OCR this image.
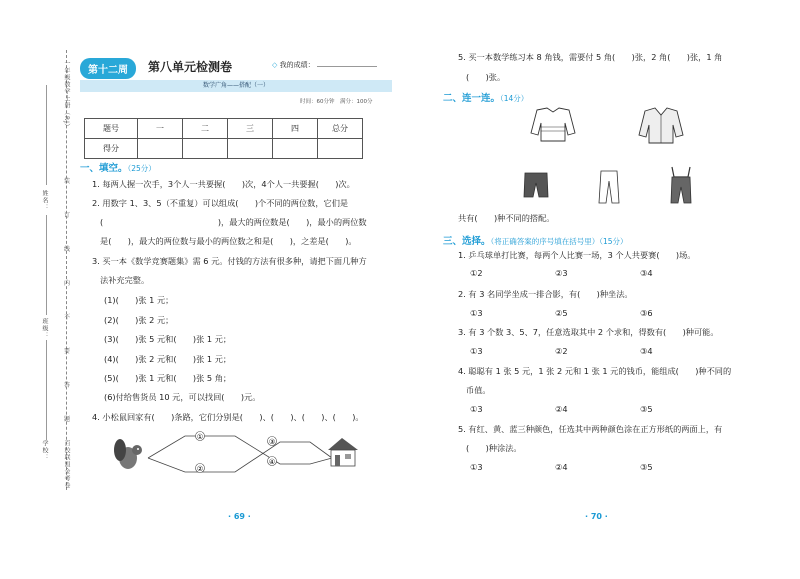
一年级数学上册（RJ）
百校联盟金考卷
姓名：
班级：
学校：
装
订
线
内
不
要
答
题
第十二周	第八单元检测卷	◇ 我的成绩：
数学广角——搭配（一）
时间：60分钟　满分：100分
题号	一	二	三	四	总分
得分					
一、填空。（25分）
1. 每两人握一次手，3个人一共要握(　　)次，4个人一共要握(　　)次。
2. 用数字 1、3、5（不重复）可以组成(　　)个不同的两位数，它们是
(　　　　　　　　　　　　　　)，最大的两位数是(　　)，最小的两位数
是(　　)，最大的两位数与最小的两位数之和是(　　)，之差是(　　)。
3. 买一本《数学竞赛题集》需 6 元。付钱的方法有很多种，请把下面几种方
法补充完整。
(1)(　　)张 1 元；
(2)(　　)张 2 元；
(3)(　　)张 5 元和(　　)张 1 元；
(4)(　　)张 2 元和(　　)张 1 元；
(5)(　　)张 1 元和(　　)张 5 角；
(6)付给售货员 10 元，可以找回(　　)元。
4. 小松鼠回家有(　　)条路，它们分别是(　　)、(　　)、(　　)、(　　)。
①
②
③
④
· 69 ·
5. 买一本数学练习本 8 角钱，需要付 5 角(　　)张，2 角(　　)张，1 角
(　　)张。
二、连一连。（14分）
共有(　　)种不同的搭配。
三、选择。（将正确答案的序号填在括号里）（15分）
1. 乒乓球单打比赛，每两个人比赛一场，3 个人共要赛(　　)场。
①2	②3	③4
2. 有 3 名同学坐成一排合影，有(　　)种坐法。
①3	②5	③6
3. 有 3 个数 3、5、7，任意选取其中 2 个求和，得数有(　　)种可能。
①3	②2	③4
4. 聪聪有 1 张 5 元，1 张 2 元和 1 张 1 元的钱币，能组成(　　)种不同的
币值。
①3	②4	③5
5. 有红、黄、蓝三种颜色，任选其中两种颜色涂在正方形纸的两面上，有
(　　)种涂法。
①3	②4	③5
· 70 ·
